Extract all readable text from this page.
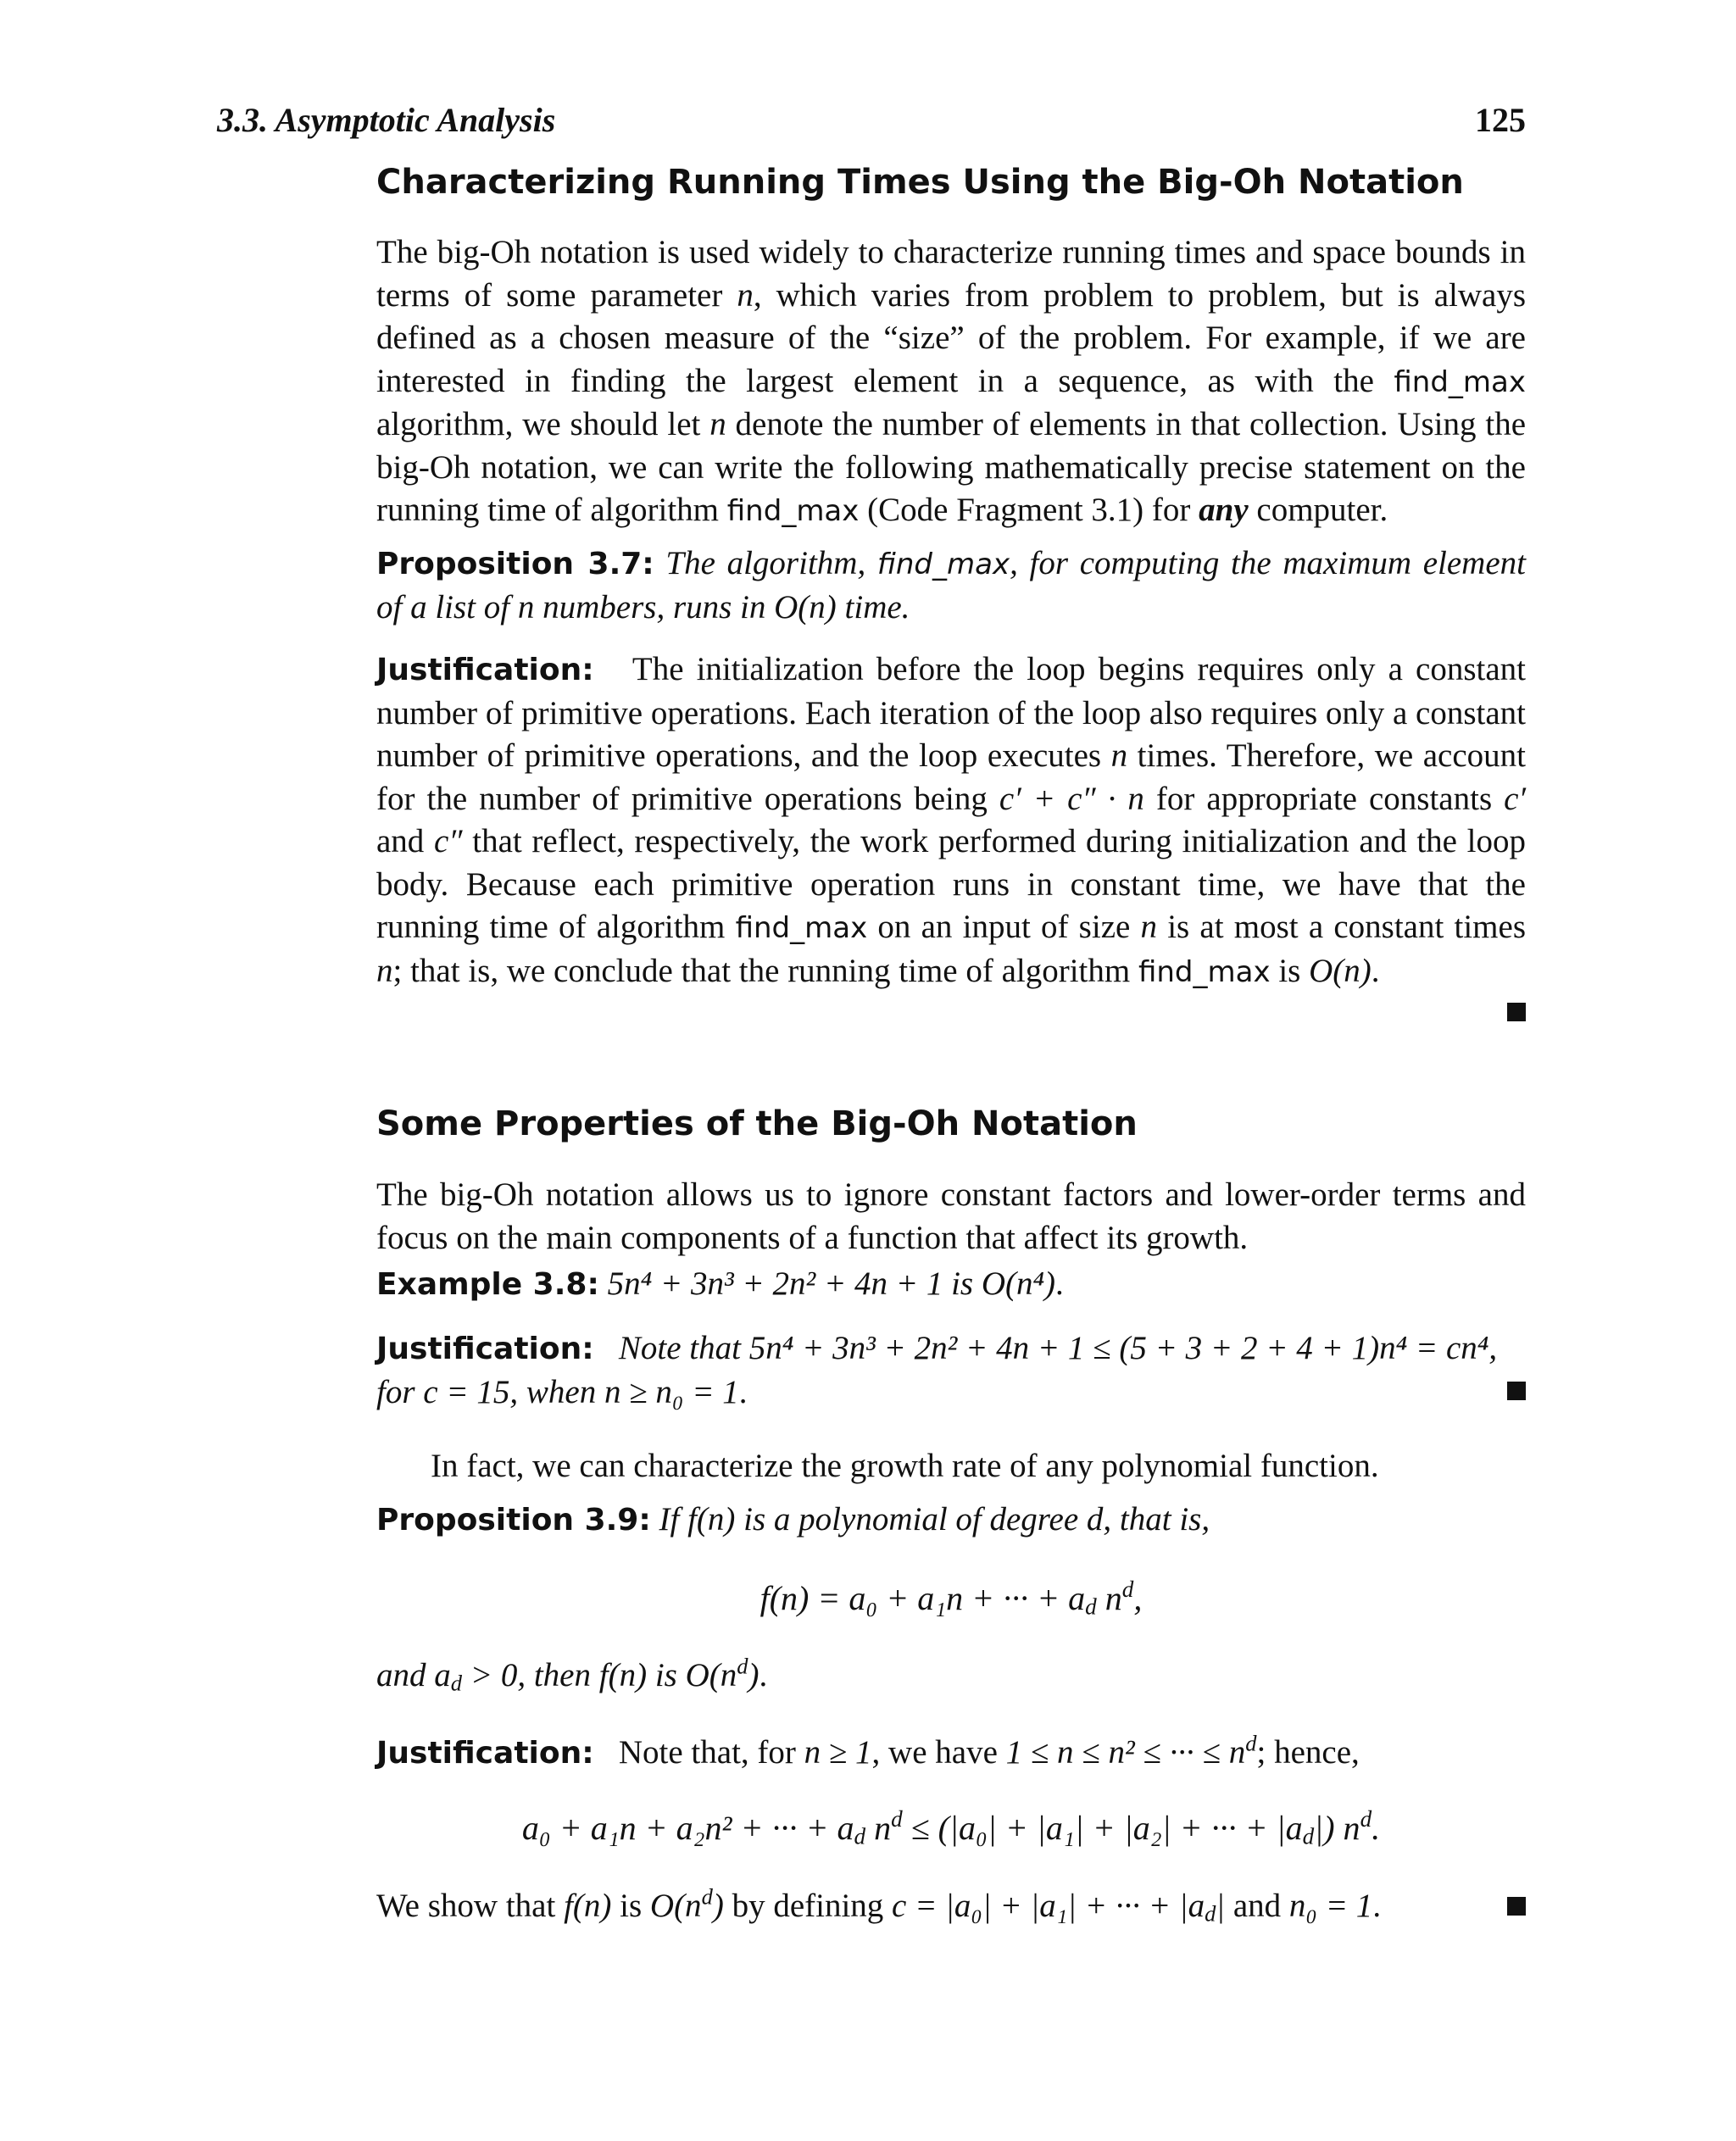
3.3. Asymptotic Analysis	125
Characterizing Running Times Using the Big-Oh Notation

The big-Oh notation is used widely to characterize running times and space bounds in terms of some parameter n, which varies from problem to problem, but is always defined as a chosen measure of the “size” of the problem. For example, if we are interested in finding the largest element in a sequence, as with the find_max algorithm, we should let n denote the number of elements in that collection. Using the big-Oh notation, we can write the following mathematically precise statement on the running time of algorithm find_max (Code Fragment 3.1) for any computer.

Proposition 3.7: The algorithm, find_max, for computing the maximum element of a list of n numbers, runs in O(n) time.

Justification: The initialization before the loop begins requires only a constant number of primitive operations. Each iteration of the loop also requires only a constant number of primitive operations, and the loop executes n times. Therefore, we account for the number of primitive operations being c′ + c″ · n for appropriate constants c′ and c″ that reflect, respectively, the work performed during initialization and the loop body. Because each primitive operation runs in constant time, we have that the running time of algorithm find_max on an input of size n is at most a constant times n; that is, we conclude that the running time of algorithm find_max is O(n).

Some Properties of the Big-Oh Notation

The big-Oh notation allows us to ignore constant factors and lower-order terms and focus on the main components of a function that affect its growth.

Example 3.8: 5n⁴ + 3n³ + 2n² + 4n + 1 is O(n⁴).

Justification: Note that 5n⁴ + 3n³ + 2n² + 4n + 1 ≤ (5 + 3 + 2 + 4 + 1)n⁴ = cn⁴,
for c = 15, when n ≥ n₀ = 1.

In fact, we can characterize the growth rate of any polynomial function.

Proposition 3.9: If f(n) is a polynomial of degree d, that is,

f(n) = a₀ + a₁n + ··· + $a_d$ $n^d$,

and $a_d > 0$, then f(n) is $O(n^d)$.

Justification: Note that, for n ≥ 1, we have 1 ≤ n ≤ n² ≤ ··· ≤ $n^d$; hence,

a₀ + a₁n + a₂n² + ··· + $a_d$ $n^d \le (|a_0| + |a_1| + |a_2|$ + ··· + $|a_d|$) $n^d$.

We show that f(n) is $O(n^d)$ by defining c = |a₀| + |a₁| + ··· + $|a_d|$ and n₀ = 1.
